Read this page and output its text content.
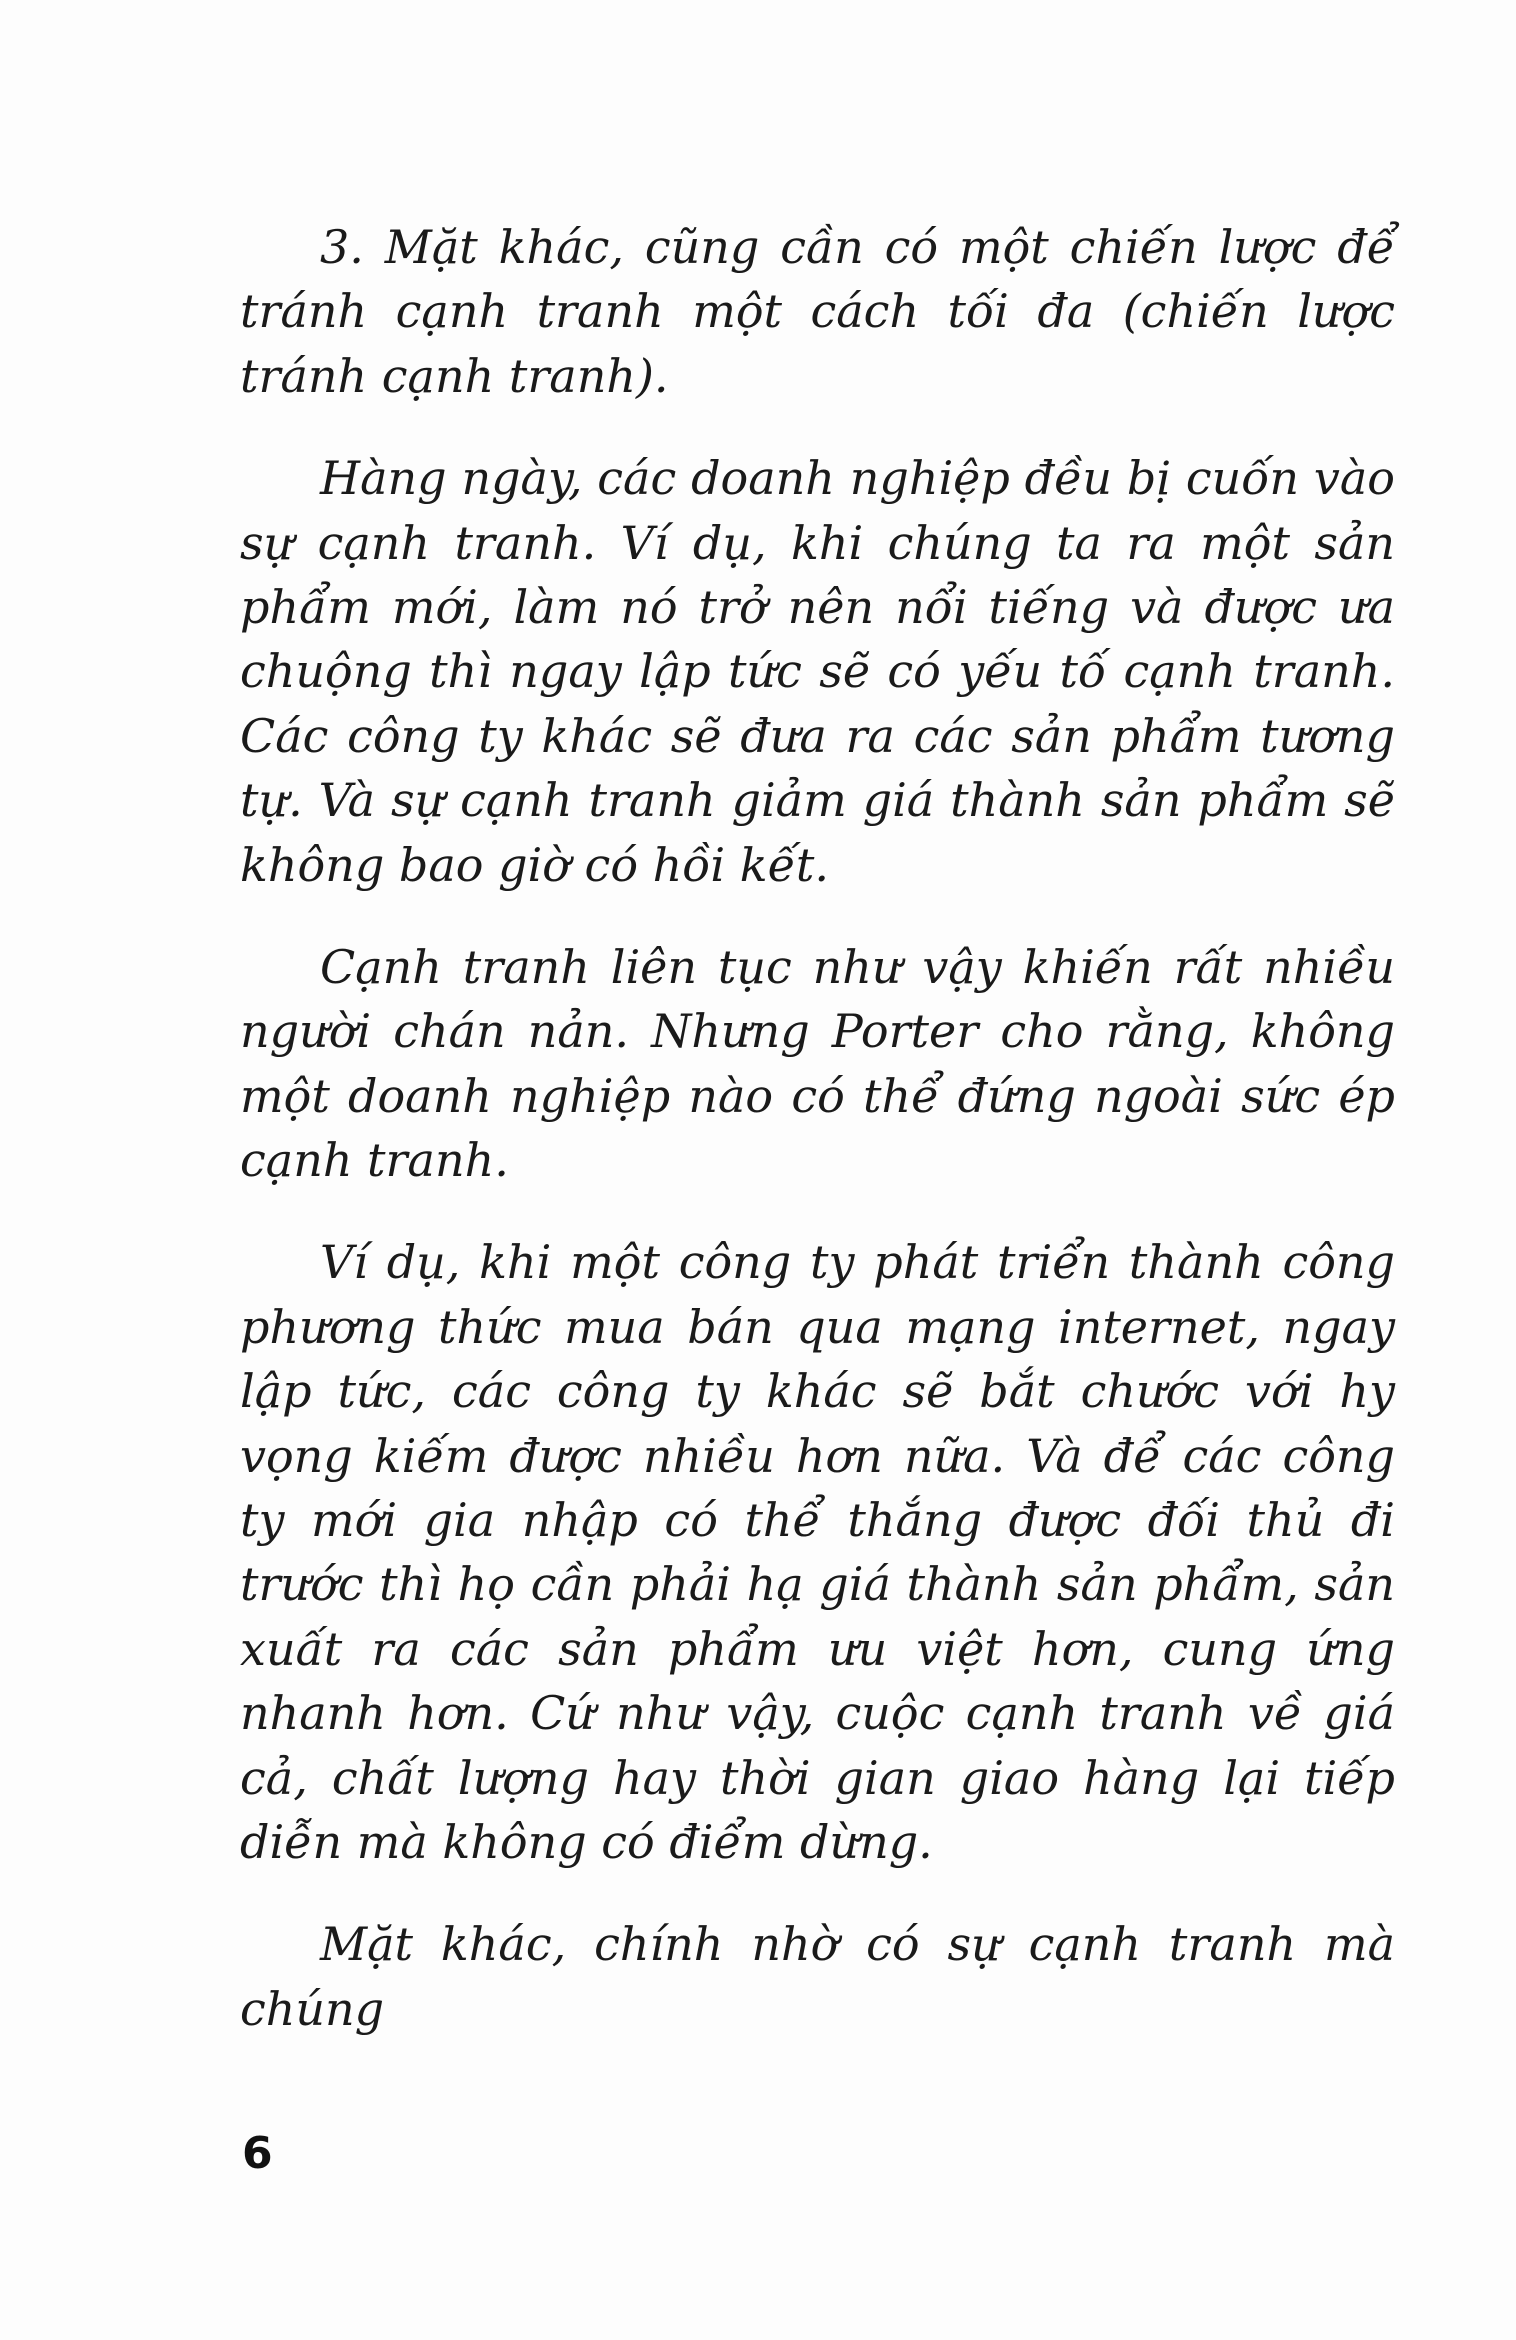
3. Mặt khác, cũng cần có một chiến lược để tránh cạnh tranh một cách tối đa (chiến lược tránh cạnh tranh).

Hàng ngày, các doanh nghiệp đều bị cuốn vào sự cạnh tranh. Ví dụ, khi chúng ta ra một sản phẩm mới, làm nó trở nên nổi tiếng và được ưa chuộng thì ngay lập tức sẽ có yếu tố cạnh tranh. Các công ty khác sẽ đưa ra các sản phẩm tương tự. Và sự cạnh tranh giảm giá thành sản phẩm sẽ không bao giờ có hồi kết.

Cạnh tranh liên tục như vậy khiến rất nhiều người chán nản. Nhưng Porter cho rằng, không một doanh nghiệp nào có thể đứng ngoài sức ép cạnh tranh.

Ví dụ, khi một công ty phát triển thành công phương thức mua bán qua mạng internet, ngay lập tức, các công ty khác sẽ bắt chước với hy vọng kiếm được nhiều hơn nữa. Và để các công ty mới gia nhập có thể thắng được đối thủ đi trước thì họ cần phải hạ giá thành sản phẩm, sản xuất ra các sản phẩm ưu việt hơn, cung ứng nhanh hơn. Cứ như vậy, cuộc cạnh tranh về giá cả, chất lượng hay thời gian giao hàng lại tiếp diễn mà không có điểm dừng.

Mặt khác, chính nhờ có sự cạnh tranh mà chúng

6
